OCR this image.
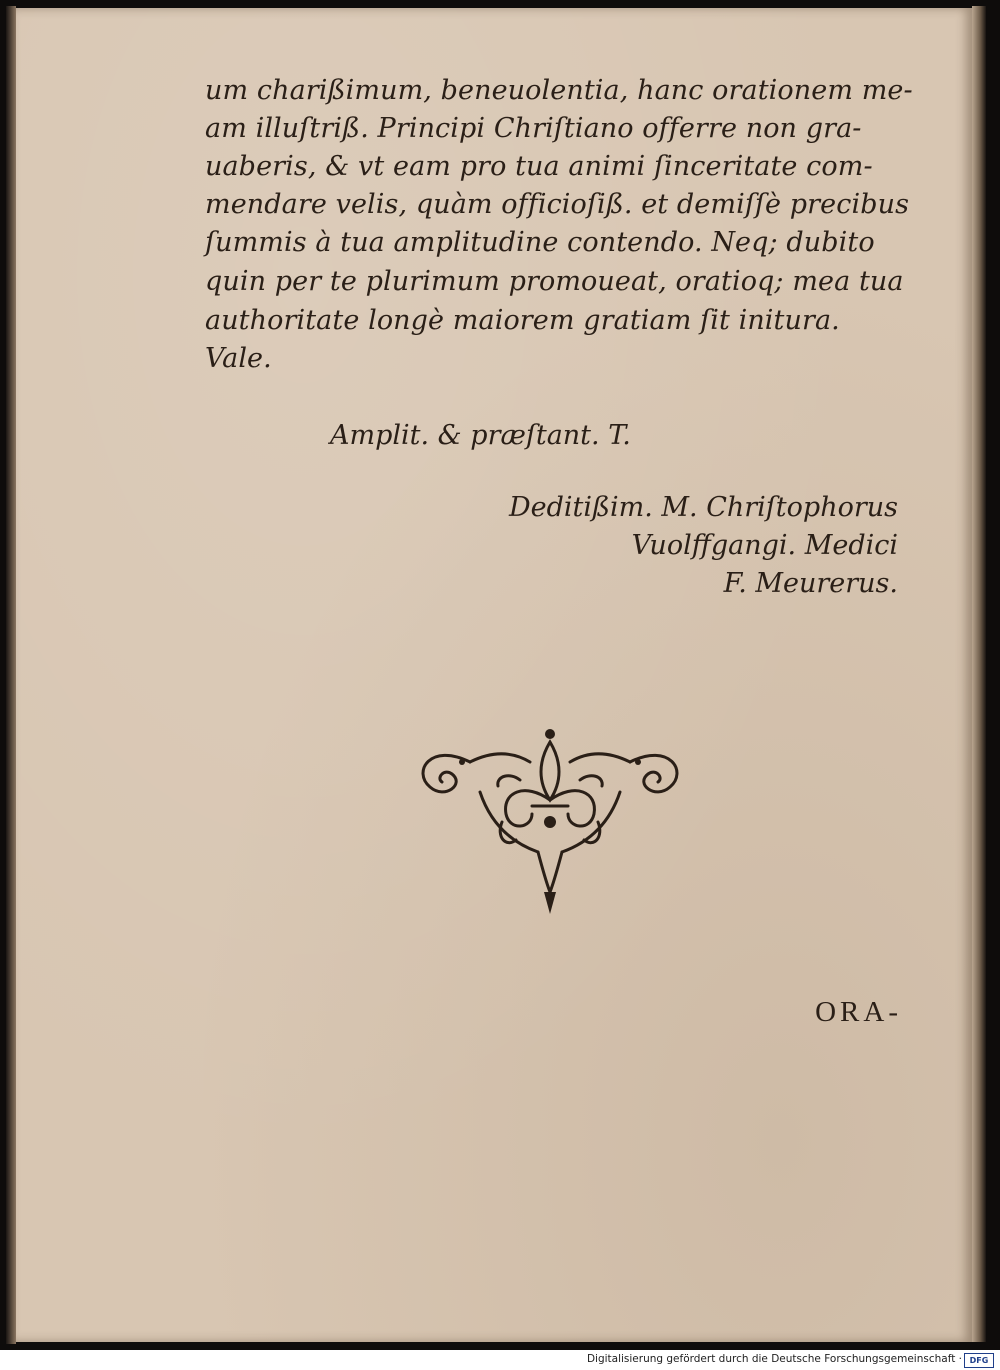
um charißimum, beneuolentia, hanc orationem me-
am illuſtriß. Principi Chriſtiano offerre non gra-
uaberis, & vt eam pro tua animi ſinceritate com-
mendare velis, quàm officioſiß. et demiſſè precibus
ſummis à tua amplitudine contendo. Neq; dubito
quin per te plurimum promoueat, oratioq; mea tua
authoritate longè maiorem gratiam ſit initura.
Vale.
Amplit. & præſtant. T.
Deditißim. M. Chriſtophorus
Vuolffgangi. Medici
F. Meurerus.
ORA-
Digitalisierung gefördert durch die Deutsche Forschungsgemeinschaft · DFG
